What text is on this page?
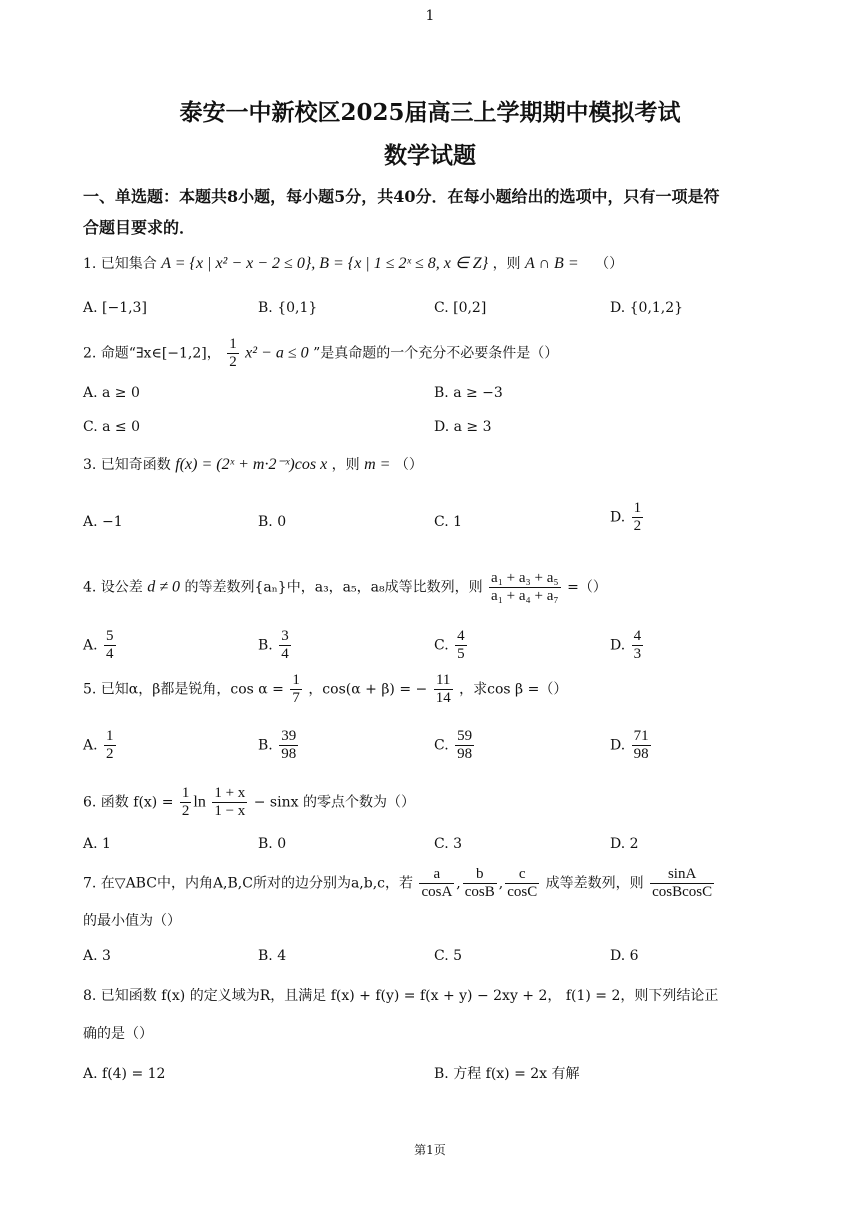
1
泰安一中新校区2025届高三上学期期中模拟考试
数学试题
一、单选题：本题共8小题，每小题5分，共40分．在每小题给出的选项中，只有一项是符
合题目要求的．
1. 已知集合 A = {x | x² − x − 2 ≤ 0}, B = {x | 1 ≤ 2ˣ ≤ 8, x ∈ Z} ，则 A ∩ B = （）
A. [−1,3]	B. {0,1}	C. [0,2]	D. {0,1,2}
2. 命题“∃x∈[−1,2]， $\frac{1}{2} x^2 - a \le 0$ ”是真命题的一个充分不必要条件是（）
A. a ≥ 0	B. a ≥ −3
C. a ≤ 0	D. a ≥ 3
3. 已知奇函数 f(x) = (2ˣ + m·2⁻ˣ)cos x ，则 m = （）
A. −1	B. 0	C. 1	D. $\frac{1}{2}$
4. 设公差 d ≠ 0 的等差数列{aₙ}中，a₃，a₅，a₈成等比数列，则 $\frac{\text{a₁ + a₃ + a₅}}{\text{a₁ + a₄ + a₇}}$ =（）
A. $\frac{5}{4}$	B. $\frac{3}{4}$	C. $\frac{4}{5}$	D. $\frac{4}{3}$
5. 已知α，β都是锐角，$\cos \alpha = \frac{1}{7}$ ，cos(α + β) = − $\frac{11}{14}$ ，求cos β =（）
A. $\frac{1}{2}$	B. $\frac{39}{98}$	C. $\frac{59}{98}$	D. $\frac{71}{98}$
6. 函数 $f(x) = \frac{1}{2}$ $\ln \frac{1 + x}{1 - x} - \sin x$ 的零点个数为（）
A. 1	B. 0	C. 3	D. 2
7. 在▽ABC中，内角A,B,C所对的边分别为a,b,c，若 $\frac{a}{\cos A}$ , $\frac{b}{\cos B}$ , $\frac{c}{\cos C}$ 成等差数列，则 $\frac{\sin A}{\text{cosBcosC}}$
的最小值为（）
A. 3	B. 4	C. 5	D. 6
8. 已知函数 f(x) 的定义域为R，且满足 f(x) + f(y) = f(x + y) − 2xy + 2， f(1) = 2，则下列结论正
确的是（）
A. f(4) = 12	B. 方程 f(x) = 2x 有解
第1页
